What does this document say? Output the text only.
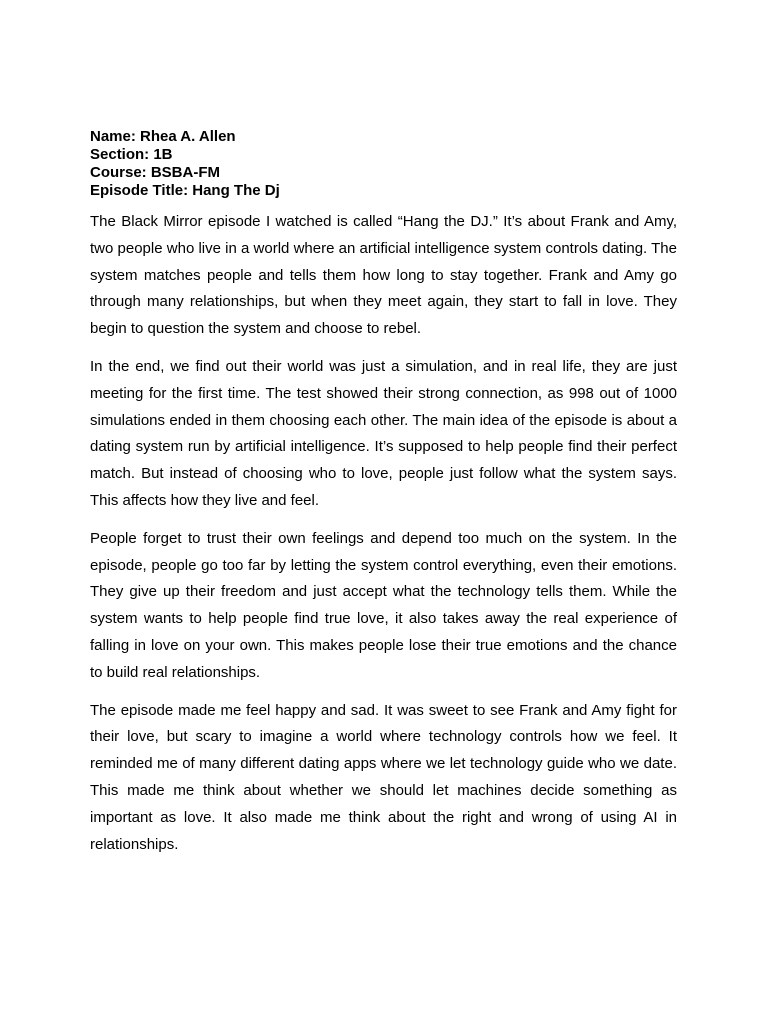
Name: Rhea A. Allen

Section: 1B

Course: BSBA-FM

Episode Title: Hang The Dj

The Black Mirror episode I watched is called “Hang the DJ.” It’s about Frank and Amy, two people who live in a world where an artificial intelligence system controls dating. The system matches people and tells them how long to stay together. Frank and Amy go through many relationships, but when they meet again, they start to fall in love. They begin to question the system and choose to rebel.

In the end, we find out their world was just a simulation, and in real life, they are just meeting for the first time. The test showed their strong connection, as 998 out of 1000 simulations ended in them choosing each other. The main idea of the episode is about a dating system run by artificial intelligence. It’s supposed to help people find their perfect match. But instead of choosing who to love, people just follow what the system says. This affects how they live and feel.

People forget to trust their own feelings and depend too much on the system. In the episode, people go too far by letting the system control everything, even their emotions. They give up their freedom and just accept what the technology tells them. While the system wants to help people find true love, it also takes away the real experience of falling in love on your own. This makes people lose their true emotions and the chance to build real relationships.

The episode made me feel happy and sad. It was sweet to see Frank and Amy fight for their love, but scary to imagine a world where technology controls how we feel. It reminded me of many different dating apps where we let technology guide who we date. This made me think about whether we should let machines decide something as important as love. It also made me think about the right and wrong of using AI in relationships.
